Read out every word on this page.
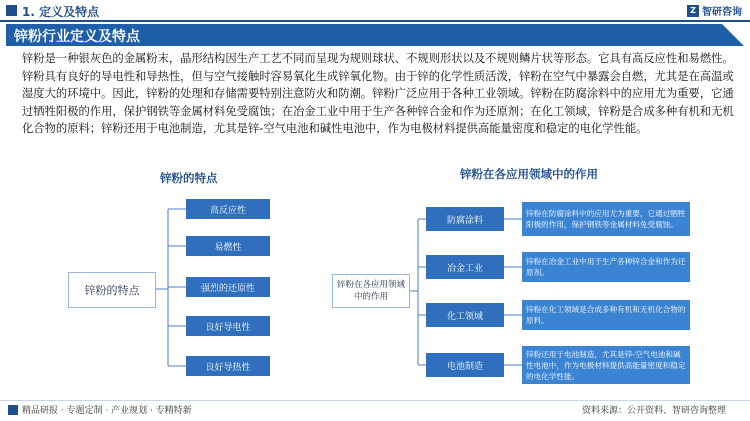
1. 定义及特点	Z 智研咨询
锌粉行业定义及特点
锌粉是一种银灰色的金属粉末，晶形结构因生产工艺不同而呈现为规则球状、不规则形状以及不规则鳞片状等形态。它具有高反应性和易燃性。锌粉具有良好的导电性和导热性，但与空气接触时容易氧化生成锌氧化物。由于锌的化学性质活泼，锌粉在空气中暴露会自燃，尤其是在高温或湿度大的环境中。因此，锌粉的处理和存储需要特别注意防火和防潮。锌粉广泛应用于各种工业领域。锌粉在防腐涂料中的应用尤为重要，它通过牺牲阳极的作用，保护钢铁等金属材料免受腐蚀；在冶金工业中用于生产各种锌合金和作为还原剂；在化工领域，锌粉是合成多种有机和无机化合物的原料；锌粉还用于电池制造，尤其是锌-空气电池和碱性电池中，作为电极材料提供高能量密度和稳定的电化学性能。
锌粉的特点	锌粉在各应用领域中的作用
锌粉的特点
高反应性
易燃性
强烈的还原性
良好导电性
良好导热性
锌粉在各应用领域中的作用
防腐涂料
冶金工业
化工领域
电池制造
锌粉在防腐涂料中的应用尤为重要，它通过牺牲阳极的作用，保护钢铁等金属材料免受腐蚀。
锌粉在冶金工业中用于生产各种锌合金和作为还原剂。
锌粉在化工领域是合成多种有机和无机化合物的原料。
锌粉还用于电池制造，尤其是锌-空气电池和碱性电池中，作为电极材料提供高能量密度和稳定的电化学性能。
精品研报 · 专题定制 · 产业规划 · 专精特新	资料来源：公开资料、智研咨询整理
